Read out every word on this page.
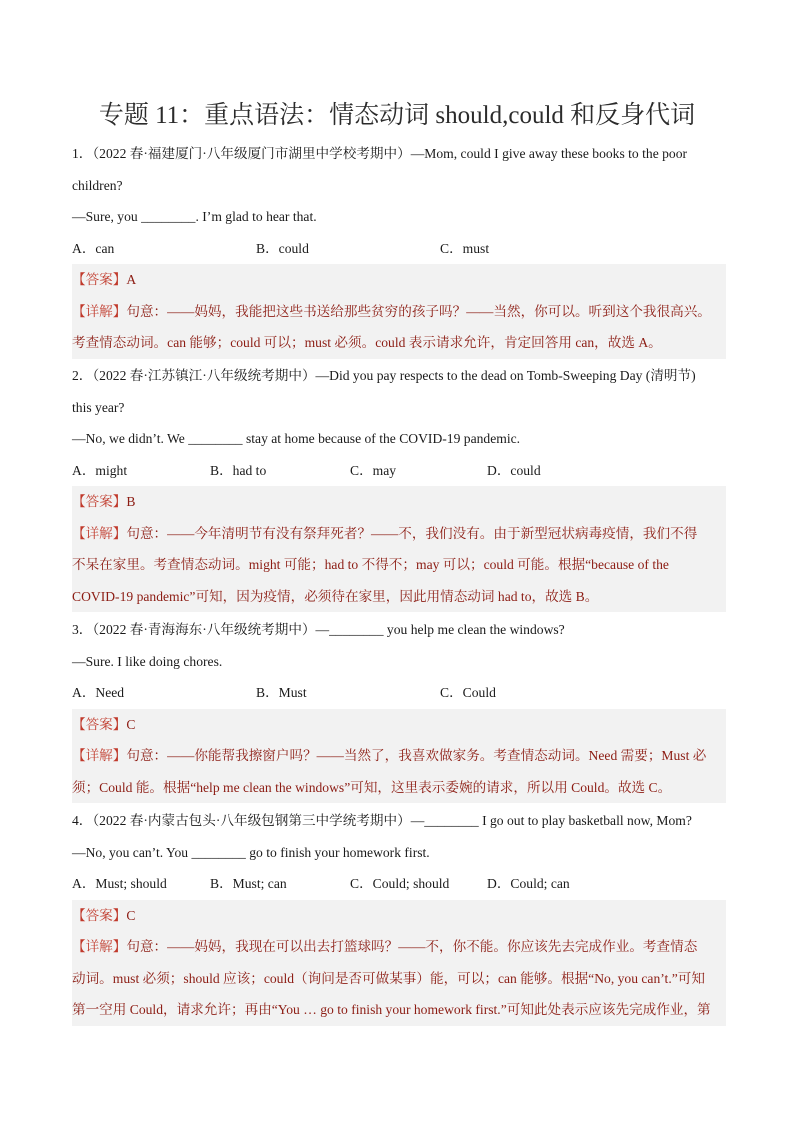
专题 11：重点语法：情态动词 should,could 和反身代词
1．（2022 春·福建厦门·八年级厦门市湖里中学校考期中）—Mom, could I give away these books to the poor
children?
—Sure, you ________. I’m glad to hear that.
A．can	B．could	C．must
【答案】A
【详解】句意：——妈妈，我能把这些书送给那些贫穷的孩子吗？——当然，你可以。听到这个我很高兴。
考查情态动词。can 能够；could 可以；must 必须。could 表示请求允许，肯定回答用 can，故选 A。
2．（2022 春·江苏镇江·八年级统考期中）—Did you pay respects to the dead on Tomb-Sweeping Day (清明节)
this year?
—No, we didn’t. We ________ stay at home because of the COVID-19 pandemic.
A．might	B．had to	C．may	D．could
【答案】B
【详解】句意：——今年清明节有没有祭拜死者？——不，我们没有。由于新型冠状病毒疫情，我们不得
不呆在家里。考查情态动词。might 可能；had to 不得不；may 可以；could 可能。根据“because of the
COVID-19 pandemic”可知，因为疫情，必须待在家里，因此用情态动词 had to，故选 B。
3．（2022 春·青海海东·八年级统考期中）—________ you help me clean the windows?
—Sure. I like doing chores.
A．Need	B．Must	C．Could
【答案】C
【详解】句意：——你能帮我擦窗户吗？——当然了，我喜欢做家务。考查情态动词。Need 需要；Must 必
须；Could 能。根据“help me clean the windows”可知，这里表示委婉的请求，所以用 Could。故选 C。
4．（2022 春·内蒙古包头·八年级包钢第三中学统考期中）—________ I go out to play basketball now, Mom?
—No, you can’t. You ________ go to finish your homework first.
A．Must; should	B．Must; can	C．Could; should	D．Could; can
【答案】C
【详解】句意：——妈妈，我现在可以出去打篮球吗？——不，你不能。你应该先去完成作业。考查情态
动词。must 必须；should 应该；could（询问是否可做某事）能，可以；can 能够。根据“No, you can’t.”可知
第一空用 Could，请求允许；再由“You … go to finish your homework first.”可知此处表示应该先完成作业，第
